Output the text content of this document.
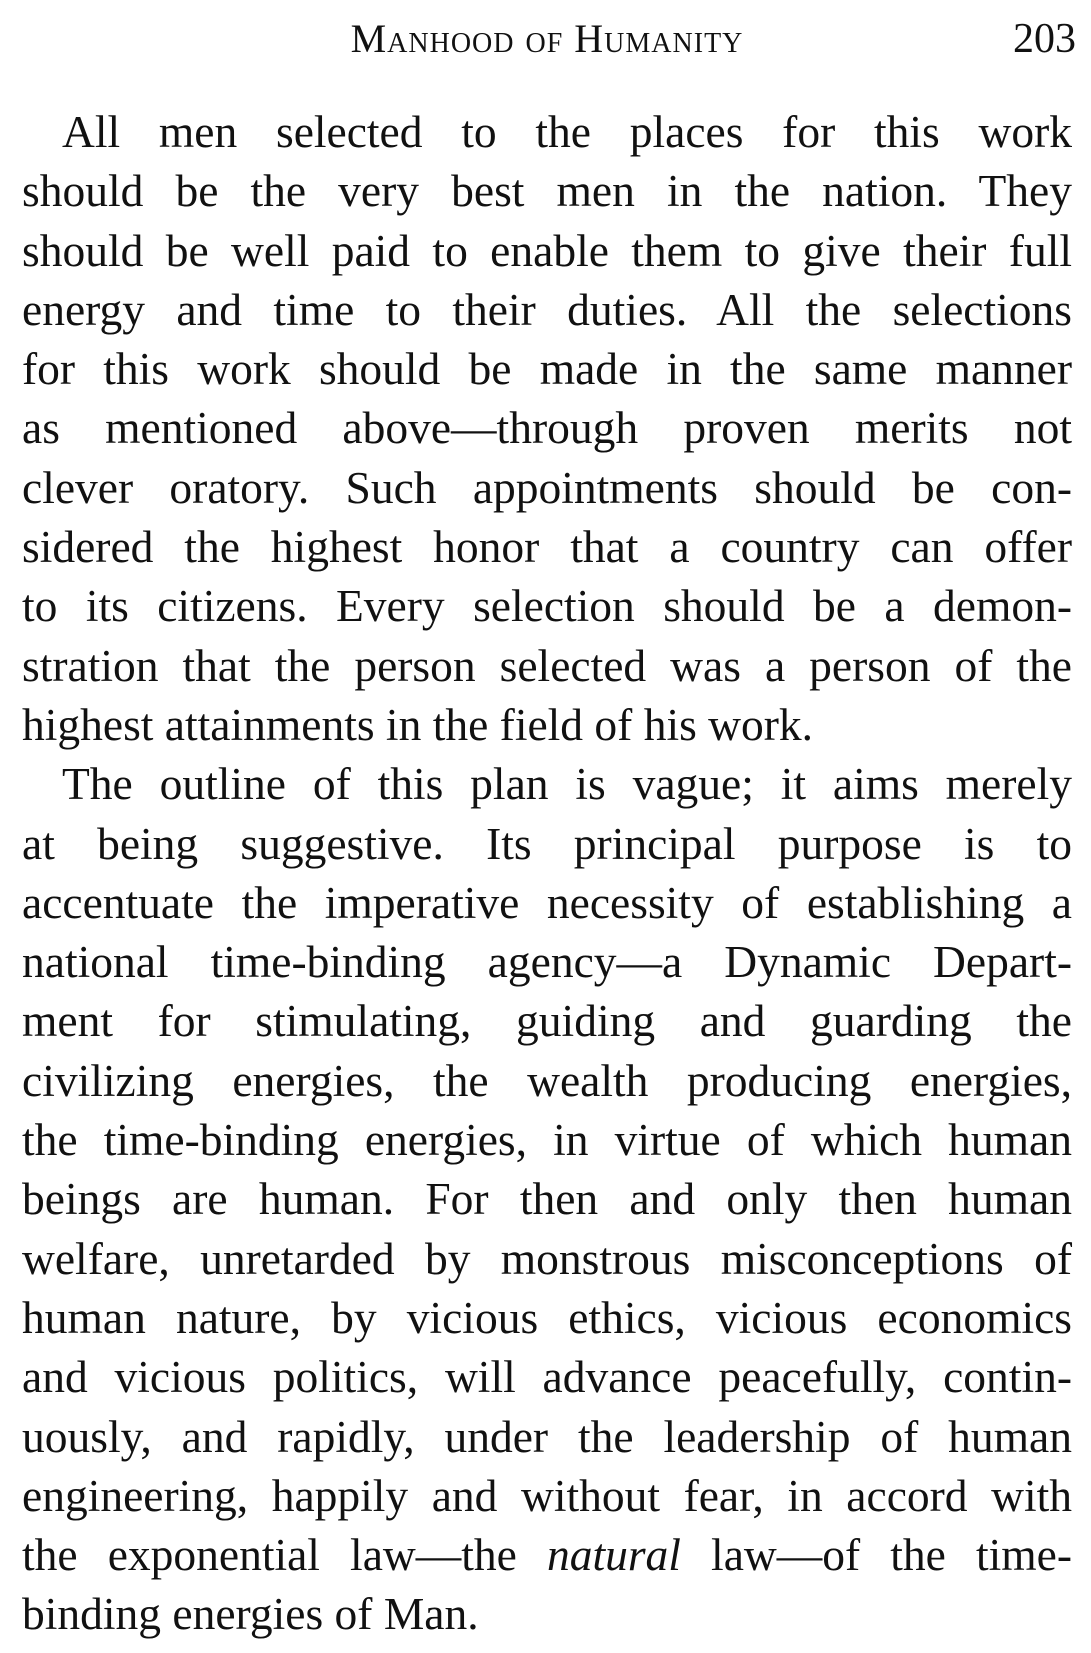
Manhood of Humanity	203
All men selected to the places for this work
should be the very best men in the nation. They
should be well paid to enable them to give their full
energy and time to their duties. All the selections
for this work should be made in the same manner
as mentioned above—through proven merits not
clever oratory. Such appointments should be con-
sidered the highest honor that a country can offer
to its citizens. Every selection should be a demon-
stration that the person selected was a person of the
highest attainments in the field of his work.
The outline of this plan is vague; it aims merely
at being suggestive. Its principal purpose is to
accentuate the imperative necessity of establishing a
national time-binding agency—a Dynamic Depart-
ment for stimulating, guiding and guarding the
civilizing energies, the wealth producing energies,
the time-binding energies, in virtue of which human
beings are human. For then and only then human
welfare, unretarded by monstrous misconceptions of
human nature, by vicious ethics, vicious economics
and vicious politics, will advance peacefully, contin-
uously, and rapidly, under the leadership of human
engineering, happily and without fear, in accord with
the exponential law—the natural law—of the time-
binding energies of Man.
